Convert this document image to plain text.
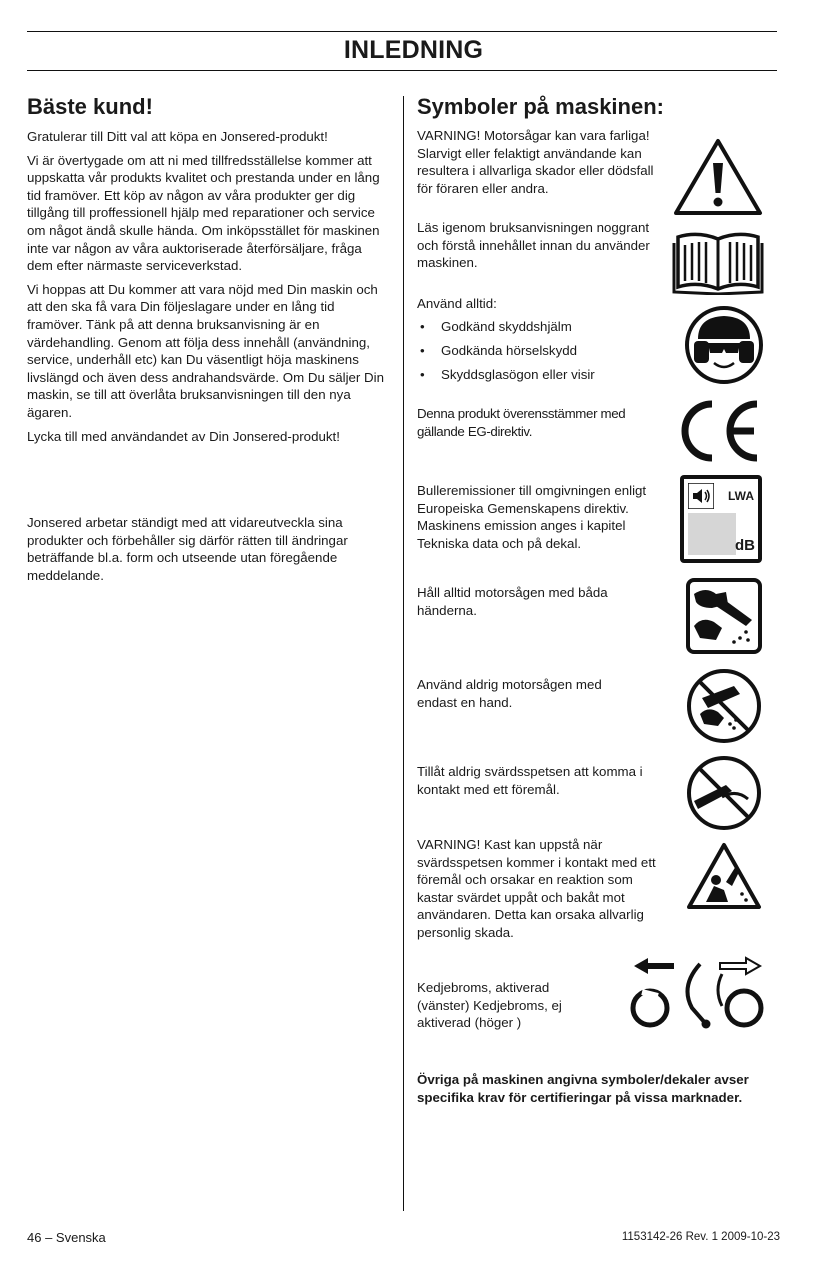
INLEDNING
Bäste kund!

Gratulerar till Ditt val att köpa en Jonsered-produkt!

Vi är övertygade om att ni med tillfredsställelse kommer att uppskatta vår produkts kvalitet och prestanda under en lång tid framöver. Ett köp av någon av våra produkter ger dig tillgång till proffessionell hjälp med reparationer och service om något ändå skulle hända. Om inköpsstället för maskinen inte var någon av våra auktoriserade återförsäljare, fråga dem efter närmaste serviceverkstad.

Vi hoppas att Du kommer att vara nöjd med Din maskin och att den ska få vara Din följeslagare under en lång tid framöver. Tänk på att denna bruksanvisning är en värdehandling. Genom att följa dess innehåll (användning, service, underhåll etc) kan Du väsentligt höja maskinens livslängd och även dess andrahandsvärde. Om Du säljer Din maskin, se till att överlåta bruksanvisningen till den nya ägaren.

Lycka till med användandet av Din Jonsered-produkt!

Jonsered arbetar ständigt med att vidareutveckla sina produkter och förbehåller sig därför rätten till ändringar beträffande bl.a. form och utseende utan föregående meddelande.

Symboler på maskinen:

VARNING! Motorsågar kan vara farliga! Slarvigt eller felaktigt användande kan resultera i allvarliga skador eller dödsfall för föraren eller andra.

Läs igenom bruksanvisningen noggrant och förstå innehållet innan du använder maskinen.

Använd alltid:

• Godkänd skyddshjälm
• Godkända hörselskydd
• Skyddsglasögon eller visir

Denna produkt överensstämmer med gällande EG-direktiv.

Bulleremissioner till omgivningen enligt Europeiska Gemenskapens direktiv. Maskinens emission anges i kapitel Tekniska data och på dekal.

LWA
dB

Håll alltid motorsågen med båda händerna.

Använd aldrig motorsågen med endast en hand.

Tillåt aldrig svärdsspetsen att komma i kontakt med ett föremål.

VARNING! Kast kan uppstå när svärdsspetsen kommer i kontakt med ett föremål och orsakar en reaktion som kastar svärdet uppåt och bakåt mot användaren. Detta kan orsaka allvarlig personlig skada.

Kedjebroms, aktiverad (vänster) Kedjebroms, ej aktiverad (höger )

Övriga på maskinen angivna symboler/dekaler avser specifika krav för certifieringar på vissa marknader.

46 – Svenska	1153142-26 Rev. 1 2009-10-23
